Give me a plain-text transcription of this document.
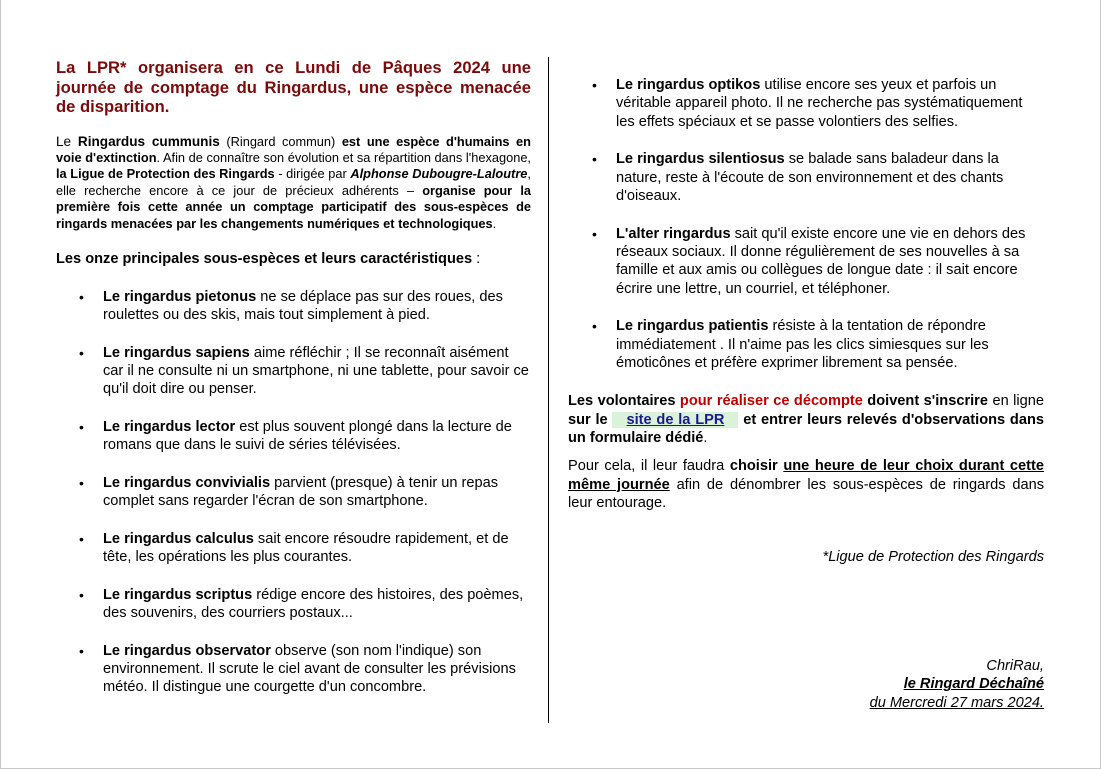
La LPR* organisera en ce Lundi de Pâques 2024 une journée de comptage du Ringardus, une espèce menacée de disparition.

Le Ringardus cummunis (Ringard commun) est une espèce d'humains en voie d'extinction. Afin de connaître son évolution et sa répartition dans l'hexagone, la Ligue de Protection des Ringards - dirigée par Alphonse Dubougre-Laloutre, elle recherche encore à ce jour de précieux adhérents – organise pour la première fois cette année un comptage participatif des sous-espèces de ringards menacées par les changements numériques et technologiques.

Les onze principales sous-espèces et leurs caractéristiques :

• Le ringardus pietonus ne se déplace pas sur des roues, des roulettes ou des skis, mais tout simplement à pied.
• Le ringardus sapiens aime réfléchir ; Il se reconnaît aisément car il ne consulte ni un smartphone, ni une tablette, pour savoir ce qu'il doit dire ou penser.
• Le ringardus lector est plus souvent plongé dans la lecture de romans que dans le suivi de séries télévisées.
• Le ringardus convivialis parvient (presque) à tenir un repas complet sans regarder l'écran de son smartphone.
• Le ringardus calculus sait encore résoudre rapidement, et de tête, les opérations les plus courantes.
• Le ringardus scriptus rédige encore des histoires, des poèmes, des souvenirs, des courriers postaux...
• Le ringardus observator observe (son nom l'indique) son environnement. Il scrute le ciel avant de consulter les prévisions météo. Il distingue une courgette d'un concombre.
• Le ringardus optikos utilise encore ses yeux et parfois un véritable appareil photo. Il ne recherche pas systématiquement les effets spéciaux et se passe volontiers des selfies.
• Le ringardus silentiosus se balade sans baladeur dans la nature, reste à l'écoute de son environnement et des chants d'oiseaux.
• L'alter ringardus sait qu'il existe encore une vie en dehors des réseaux sociaux. Il donne régulièrement de ses nouvelles à sa famille et aux amis ou collègues de longue date : il sait encore écrire une lettre, un courriel, et téléphoner.
• Le ringardus patientis résiste à la tentation de répondre immédiatement . Il n'aime pas les clics simiesques sur les émoticônes et préfère exprimer librement sa pensée.

Les volontaires pour réaliser ce décompte doivent s'inscrire en ligne sur le site de la LPR et entrer leurs relevés d'observations dans un formulaire dédié.

Pour cela, il leur faudra choisir une heure de leur choix durant cette même journée afin de dénombrer les sous-espèces de ringards dans leur entourage.

*Ligue de Protection des Ringards

ChriRau,
le Ringard Déchaîné
du Mercredi 27 mars 2024.
